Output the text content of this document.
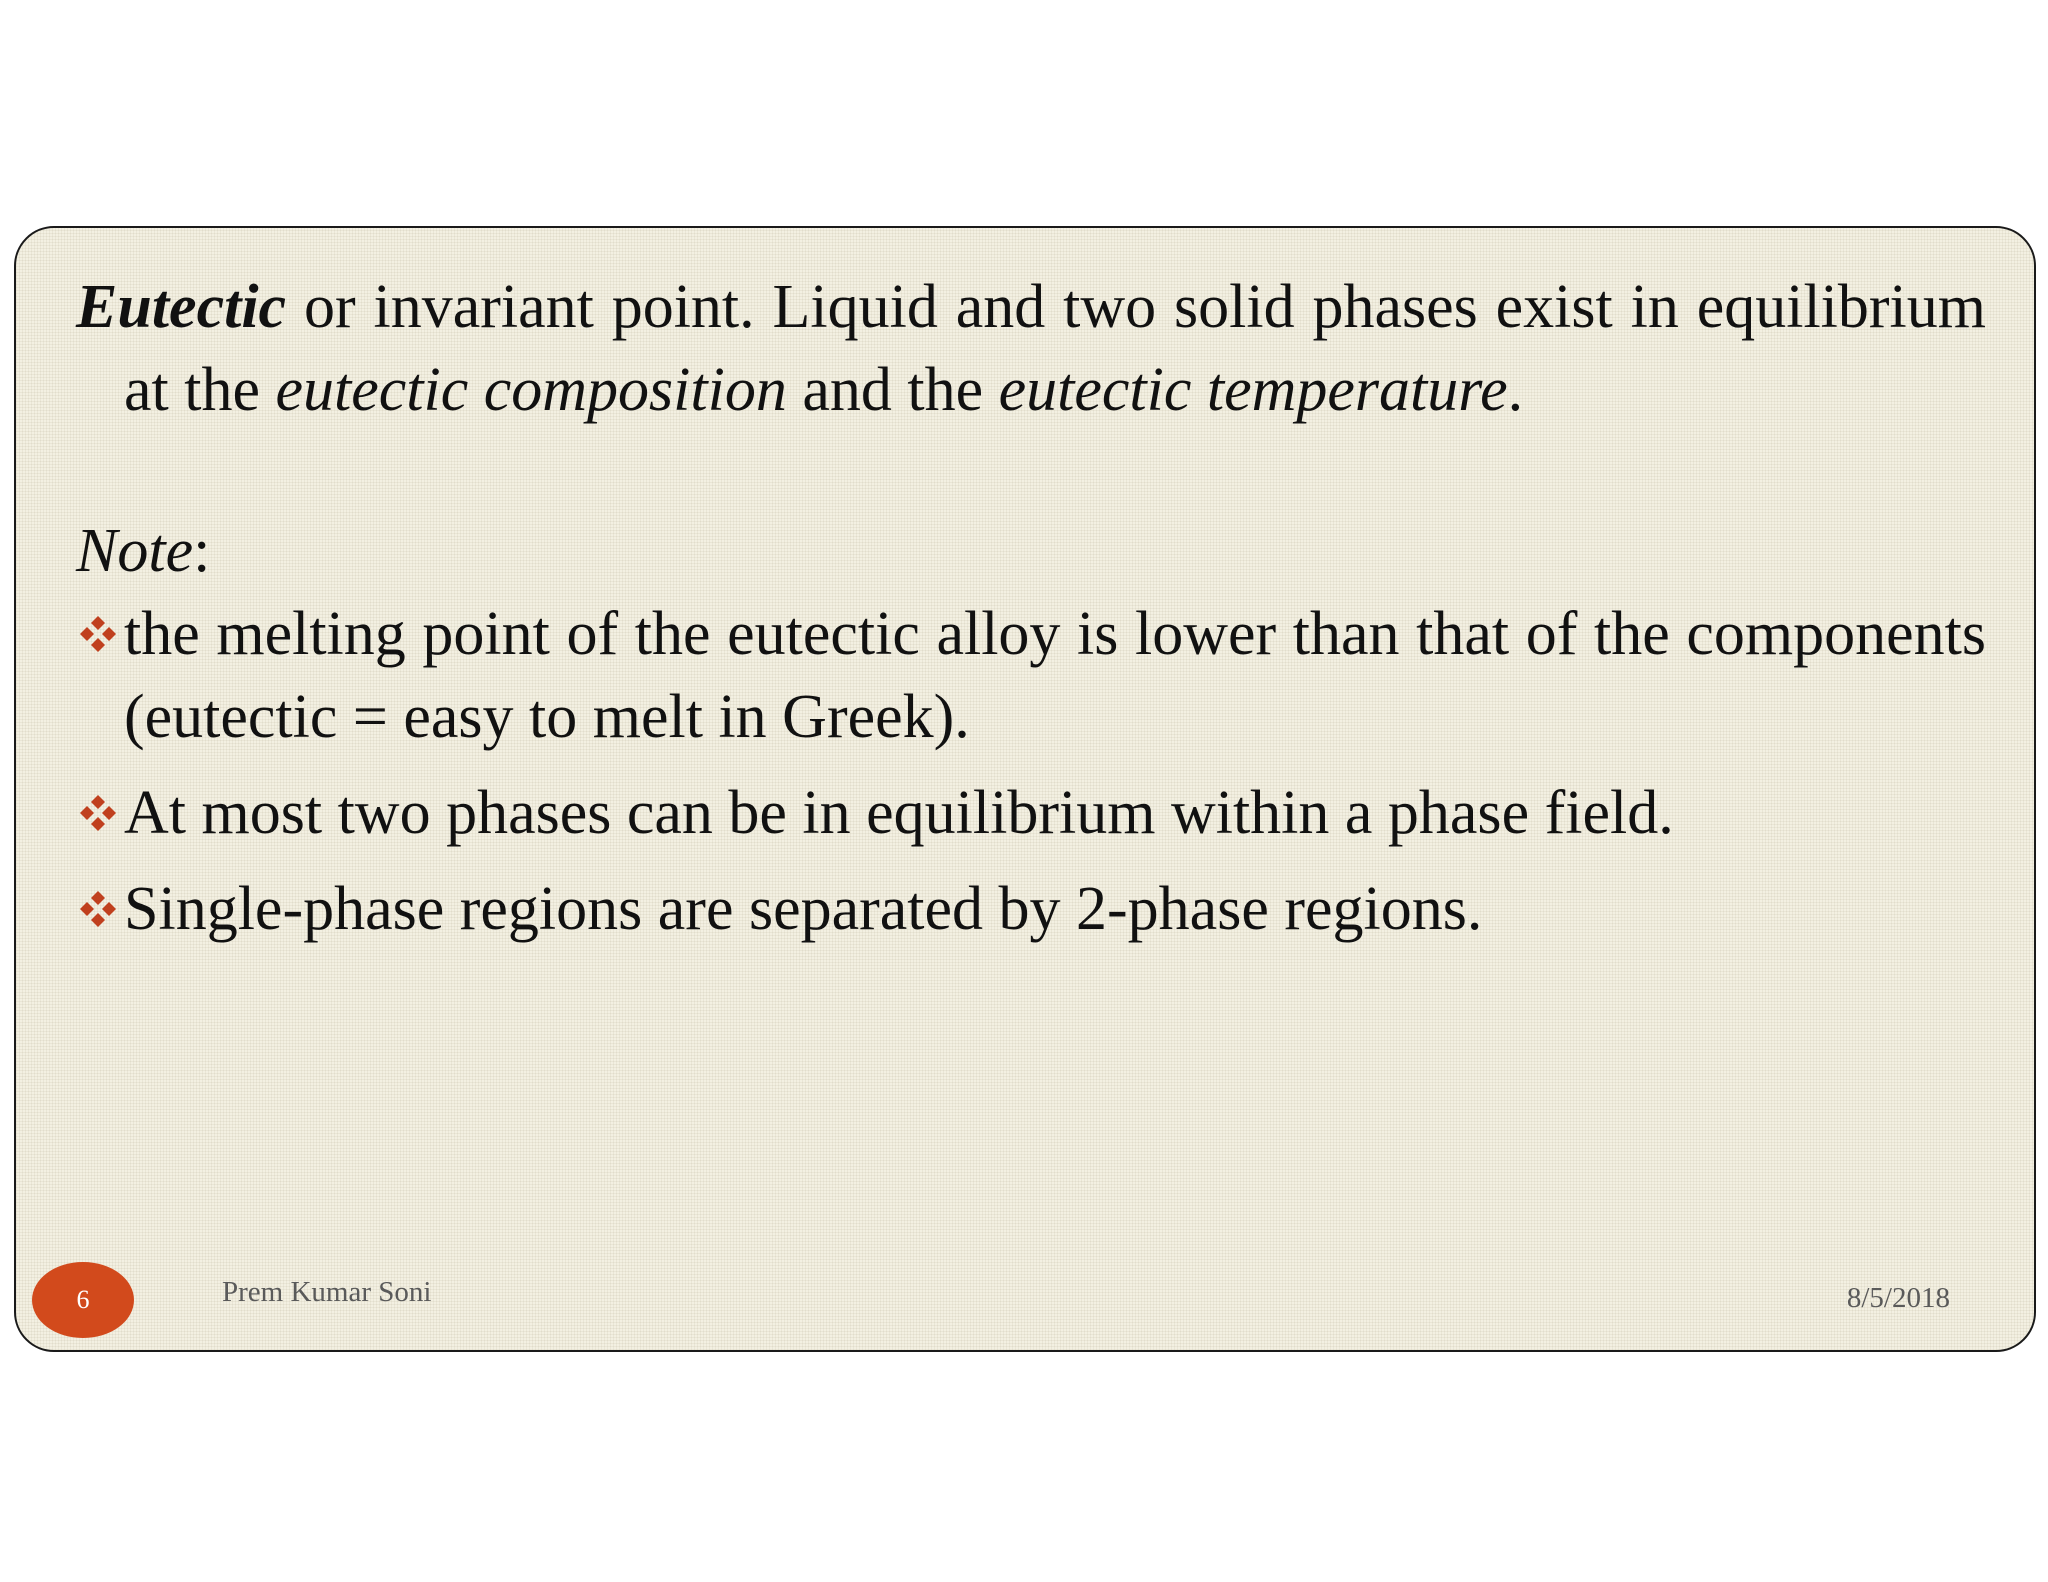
Eutectic or invariant point. Liquid and two solid phases exist in equilibrium at the eutectic composition and the eutectic temperature.

Note:

the melting point of the eutectic alloy is lower than that of the components (eutectic = easy to melt in Greek).
At most two phases can be in equilibrium within a phase field.
Single-phase regions are separated by 2-phase regions.
6	Prem Kumar Soni	8/5/2018
